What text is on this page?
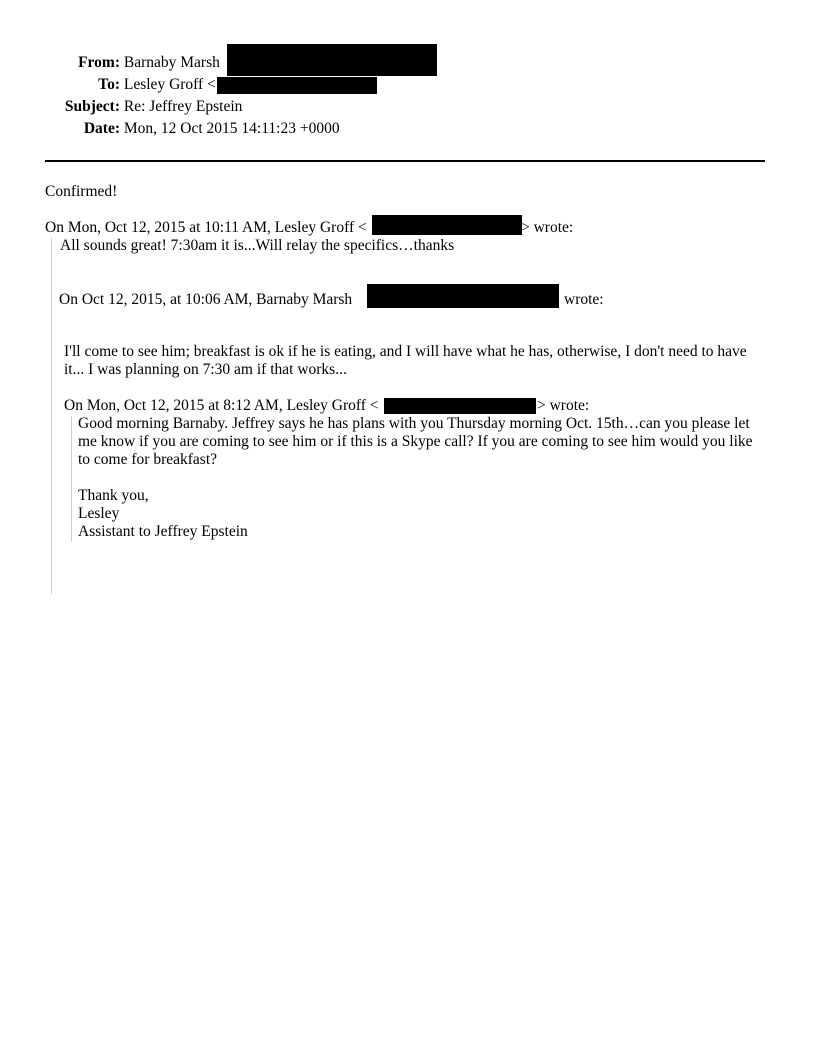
From: Barnaby Marsh
To: Lesley Groff <
Subject: Re: Jeffrey Epstein
Date: Mon, 12 Oct 2015 14:11:23 +0000
Confirmed!
On Mon, Oct 12, 2015 at 10:11 AM, Lesley Groff <	> wrote:
All sounds great! 7:30am it is...Will relay the specifics…thanks
On Oct 12, 2015, at 10:06 AM, Barnaby Marsh	wrote:
I'll come to see him; breakfast is ok if he is eating, and I will have what he has, otherwise, I don't need to have it... I was planning on 7:30 am if that works...
On Mon, Oct 12, 2015 at 8:12 AM, Lesley Groff <	> wrote:
Good morning Barnaby. Jeffrey says he has plans with you Thursday morning Oct. 15th…can you please let me know if you are coming to see him or if this is a Skype call? If you are coming to see him would you like to come for breakfast?
Thank you,
Lesley
Assistant to Jeffrey Epstein
